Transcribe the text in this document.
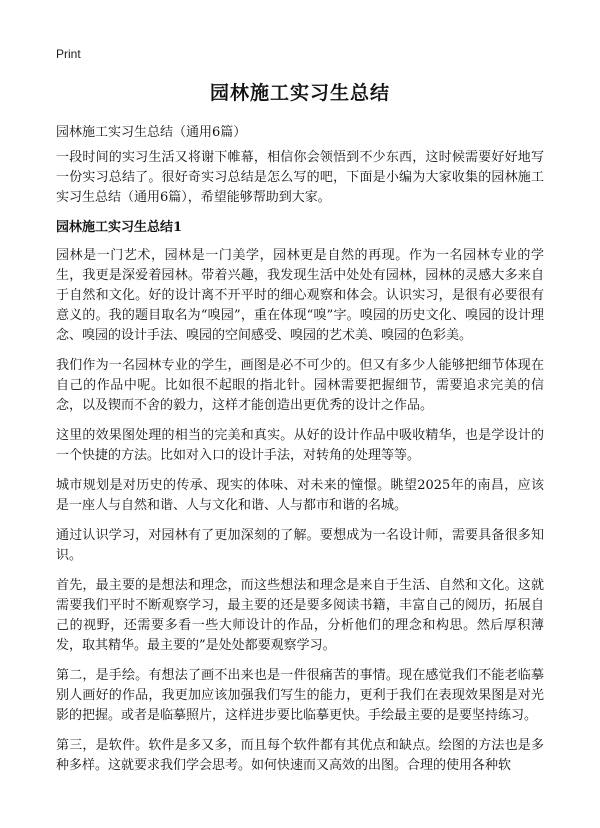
Print
园林施工实习生总结

园林施工实习生总结（通用6篇）

一段时间的实习生活又将谢下帷幕，相信你会领悟到不少东西，这时候需要好好地写一份实习总结了。很好奇实习总结是怎么写的吧，下面是小编为大家收集的园林施工实习生总结（通用6篇），希望能够帮助到大家。

园林施工实习生总结1

园林是一门艺术，园林是一门美学，园林更是自然的再现。作为一名园林专业的学生，我更是深爱着园林。带着兴趣，我发现生活中处处有园林，园林的灵感大多来自于自然和文化。好的设计离不开平时的细心观察和体会。认识实习，是很有必要很有意义的。我的题目取名为“嗅园”，重在体现“嗅”字。嗅园的历史文化、嗅园的设计理念、嗅园的设计手法、嗅园的空间感受、嗅园的艺术美、嗅园的色彩美。

我们作为一名园林专业的学生，画图是必不可少的。但又有多少人能够把细节体现在自己的作品中呢。比如很不起眼的指北针。园林需要把握细节，需要追求完美的信念，以及锲而不舍的毅力，这样才能创造出更优秀的设计之作品。

这里的效果图处理的相当的完美和真实。从好的设计作品中吸收精华，也是学设计的一个快捷的方法。比如对入口的设计手法，对转角的处理等等。

城市规划是对历史的传承、现实的体味、对未来的憧憬。眺望2025年的南昌，应该是一座人与自然和谐、人与文化和谐、人与都市和谐的名城。

通过认识学习，对园林有了更加深刻的了解。要想成为一名设计师，需要具备很多知识。

首先，最主要的是想法和理念，而这些想法和理念是来自于生活、自然和文化。这就需要我们平时不断观察学习，最主要的还是要多阅读书籍，丰富自己的阅历，拓展自己的视野，还需要多看一些大师设计的作品，分析他们的理念和构思。然后厚积薄发，取其精华。最主要的”是处处都要观察学习。

第二，是手绘。有想法了画不出来也是一件很痛苦的事情。现在感觉我们不能老临摹别人画好的作品，我更加应该加强我们写生的能力，更利于我们在表现效果图是对光影的把握。或者是临摹照片，这样进步要比临摹更快。手绘最主要的是要坚持练习。

第三，是软件。软件是多又多，而且每个软件都有其优点和缺点。绘图的方法也是多种多样。这就要求我们学会思考。如何快速而又高效的出图。合理的使用各种软
